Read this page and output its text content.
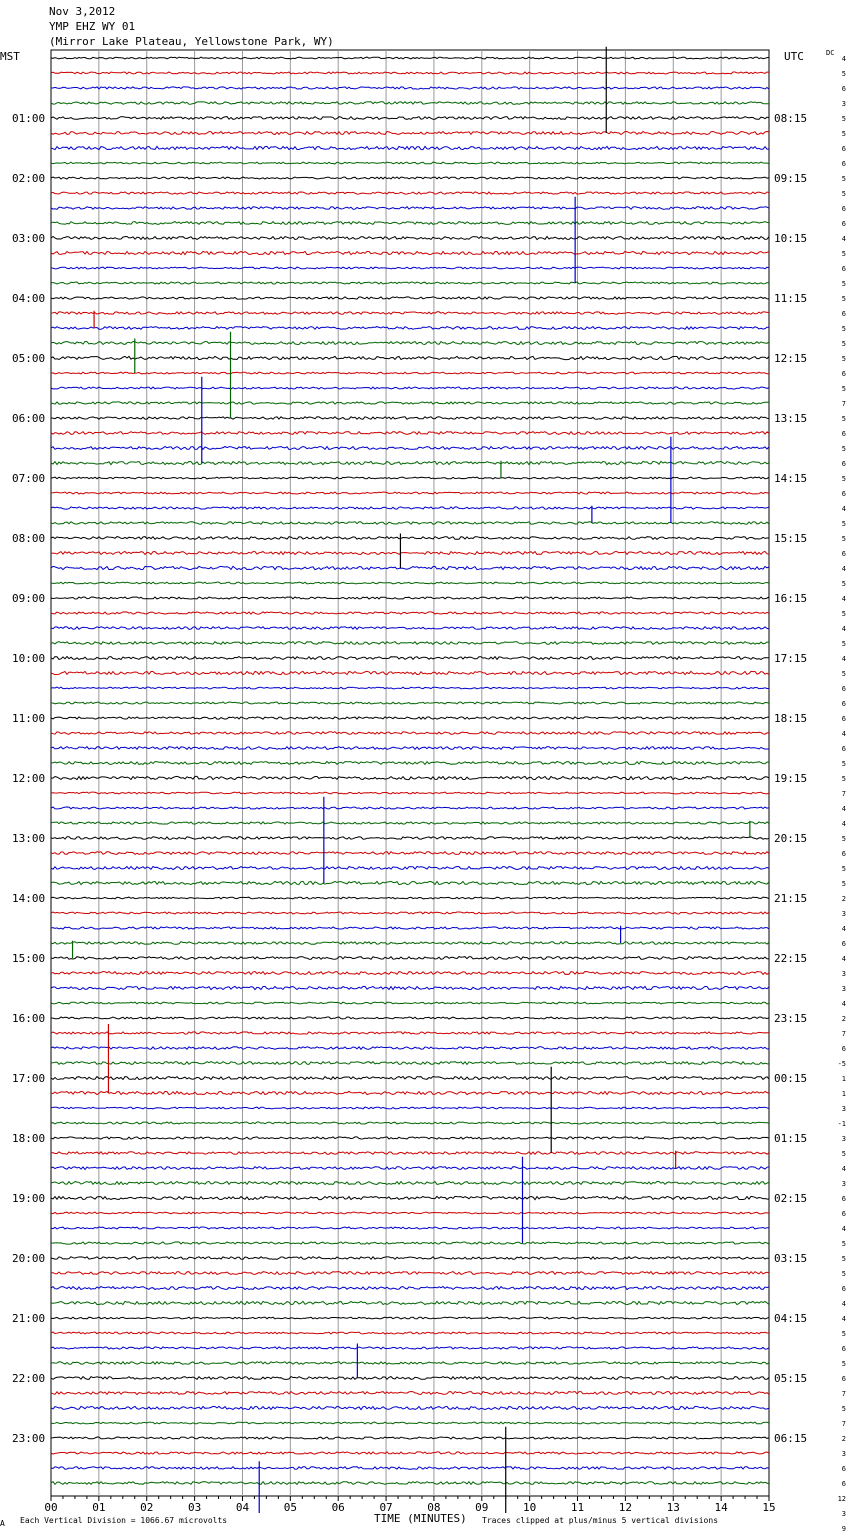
Nov 3,2012
YMP EHZ WY 01
(Mirror Lake Plateau, Yellowstone Park, WY)
MST	UTC	DC
01:00	08:15
02:00	09:15
03:00	10:15
04:00	11:15
05:00	12:15
06:00	13:15
07:00	14:15
08:00	15:15
09:00	16:15
10:00	17:15
11:00	18:15
12:00	19:15
13:00	20:15
14:00	21:15
15:00	22:15
16:00	23:15
17:00	00:15
18:00	01:15
19:00	02:15
20:00	03:15
21:00	04:15
22:00	05:15
23:00	06:15
4
5
6
3
5
5
6
6
5
5
6
6
4
5
6
5
5
6
5
5
5
6
5
7
5
6
5
6
5
6
4
5
5
6
4
5
4
5
4
5
4
5
6
6
6
4
6
5
5
7
4
4
5
6
5
5
2
3
4
6
4
3
3
4
2
7
6
-5
1
1
3
-1
3
5
4
3
6
6
4
5
5
5
6
4
4
5
6
5
6
7
5
7
2
3
6
6
12
3
9
00	01	02	03	04	05	06	07	08	09	10	11	12	13	14	15
A Each Vertical Division = 1066.67 microvolts	TIME (MINUTES) Traces clipped at plus/minus 5 vertical divisions
